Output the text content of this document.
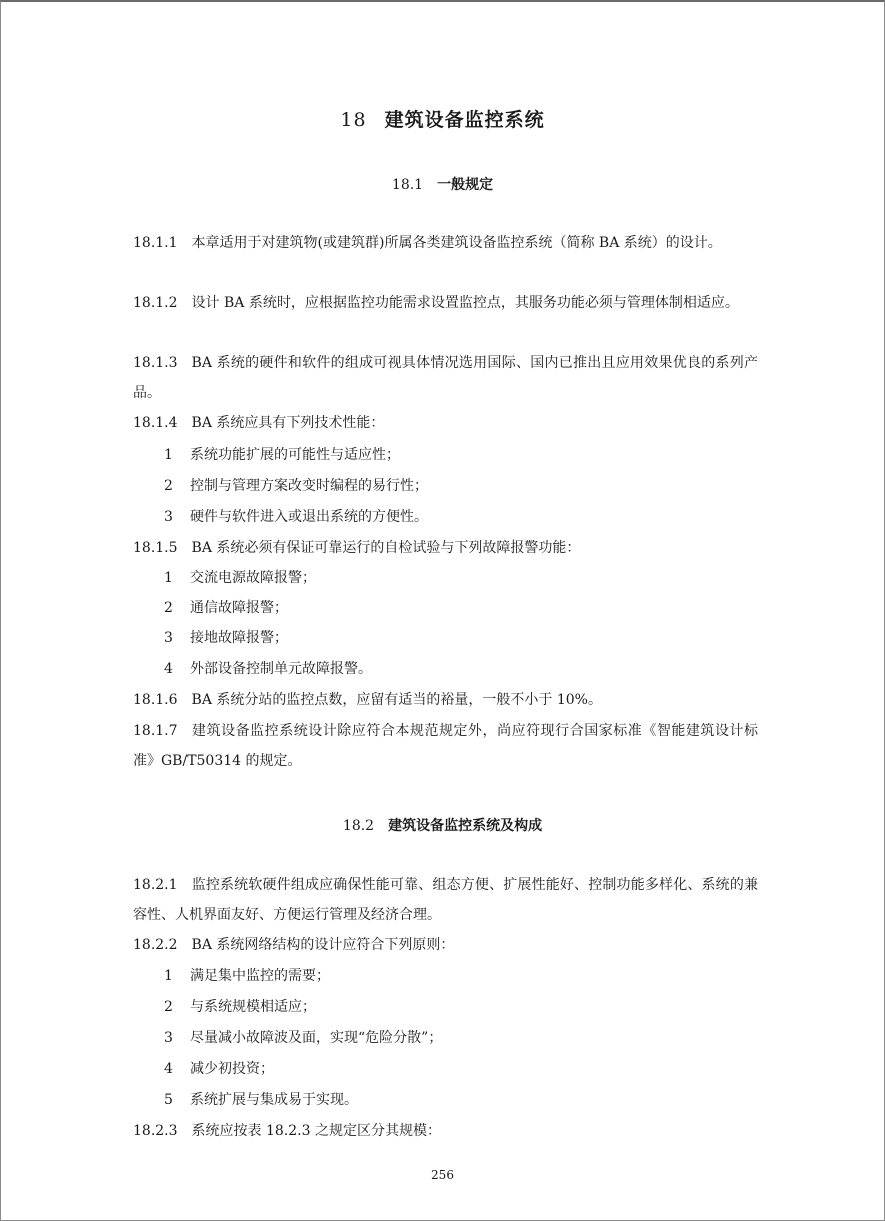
18 建筑设备监控系统
18.1 一般规定
18.1.1 本章适用于对建筑物(或建筑群)所属各类建筑设备监控系统（简称 BA 系统）的设计。
18.1.2 设计 BA 系统时，应根据监控功能需求设置监控点，其服务功能必须与管理体制相适应。
18.1.3 BA 系统的硬件和软件的组成可视具体情况选用国际、国内已推出且应用效果优良的系列产品。
18.1.4 BA 系统应具有下列技术性能：
1 系统功能扩展的可能性与适应性；
2 控制与管理方案改变时编程的易行性；
3 硬件与软件进入或退出系统的方便性。
18.1.5 BA 系统必须有保证可靠运行的自检试验与下列故障报警功能：
1 交流电源故障报警；
2 通信故障报警；
3 接地故障报警；
4 外部设备控制单元故障报警。
18.1.6 BA 系统分站的监控点数，应留有适当的裕量，一般不小于 10%。
18.1.7 建筑设备监控系统设计除应符合本规范规定外，尚应符现行合国家标准《智能建筑设计标准》GB/T50314 的规定。
18.2 建筑设备监控系统及构成
18.2.1 监控系统软硬件组成应确保性能可靠、组态方便、扩展性能好、控制功能多样化、系统的兼容性、人机界面友好、方便运行管理及经济合理。
18.2.2 BA 系统网络结构的设计应符合下列原则：
1 满足集中监控的需要；
2 与系统规模相适应；
3 尽量减小故障波及面，实现“危险分散”；
4 减少初投资；
5 系统扩展与集成易于实现。
18.2.3 系统应按表 18.2.3 之规定区分其规模：
256
